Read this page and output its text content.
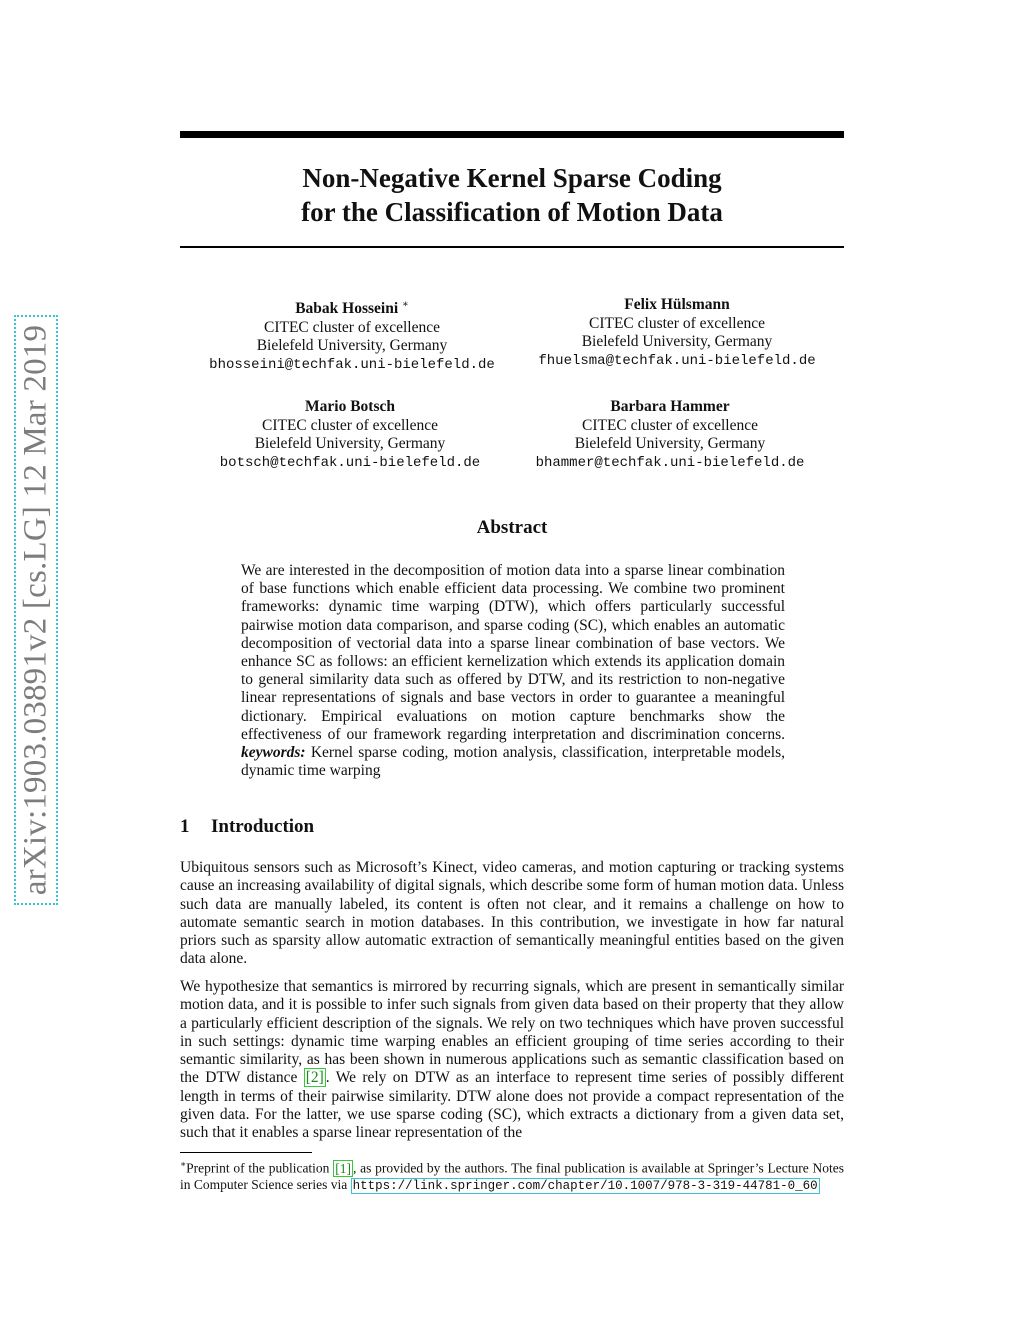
arXiv:1903.03891v2 [cs.LG] 12 Mar 2019
Non-Negative Kernel Sparse Coding
for the Classification of Motion Data
Babak Hosseini ∗
CITEC cluster of excellence
Bielefeld University, Germany
bhosseini@techfak.uni-bielefeld.de
Felix Hülsmann
CITEC cluster of excellence
Bielefeld University, Germany
fhuelsma@techfak.uni-bielefeld.de
Mario Botsch
CITEC cluster of excellence
Bielefeld University, Germany
botsch@techfak.uni-bielefeld.de
Barbara Hammer
CITEC cluster of excellence
Bielefeld University, Germany
bhammer@techfak.uni-bielefeld.de
Abstract

We are interested in the decomposition of motion data into a sparse linear combination of base functions which enable efficient data processing. We combine two prominent frameworks: dynamic time warping (DTW), which offers particularly successful pairwise motion data comparison, and sparse coding (SC), which enables an automatic decomposition of vectorial data into a sparse linear combination of base vectors. We enhance SC as follows: an efficient kernelization which extends its application domain to general similarity data such as offered by DTW, and its restriction to non-negative linear representations of signals and base vectors in order to guarantee a meaningful dictionary. Empirical evaluations on motion capture benchmarks show the effectiveness of our framework regarding interpretation and discrimination concerns. keywords: Kernel sparse coding, motion analysis, classification, interpretable models, dynamic time warping

1 Introduction

Ubiquitous sensors such as Microsoft’s Kinect, video cameras, and motion capturing or tracking systems cause an increasing availability of digital signals, which describe some form of human motion data. Unless such data are manually labeled, its content is often not clear, and it remains a challenge on how to automate semantic search in motion databases. In this contribution, we investigate in how far natural priors such as sparsity allow automatic extraction of semantically meaningful entities based on the given data alone.

We hypothesize that semantics is mirrored by recurring signals, which are present in semantically similar motion data, and it is possible to infer such signals from given data based on their property that they allow a particularly efficient description of the signals. We rely on two techniques which have proven successful in such settings: dynamic time warping enables an efficient grouping of time series according to their semantic similarity, as has been shown in numerous applications such as semantic classification based on the DTW distance [2] . We rely on DTW as an interface to represent time series of possibly different length in terms of their pairwise similarity. DTW alone does not provide a compact representation of the given data. For the latter, we use sparse coding (SC), which extracts a dictionary from a given data set, such that it enables a sparse linear representation of the

∗Preprint of the publication [1] , as provided by the authors. The final publication is available at Springer’s Lecture Notes in Computer Science series via https://link.springer.com/chapter/10.1007/978-3-319-44781-0_60
